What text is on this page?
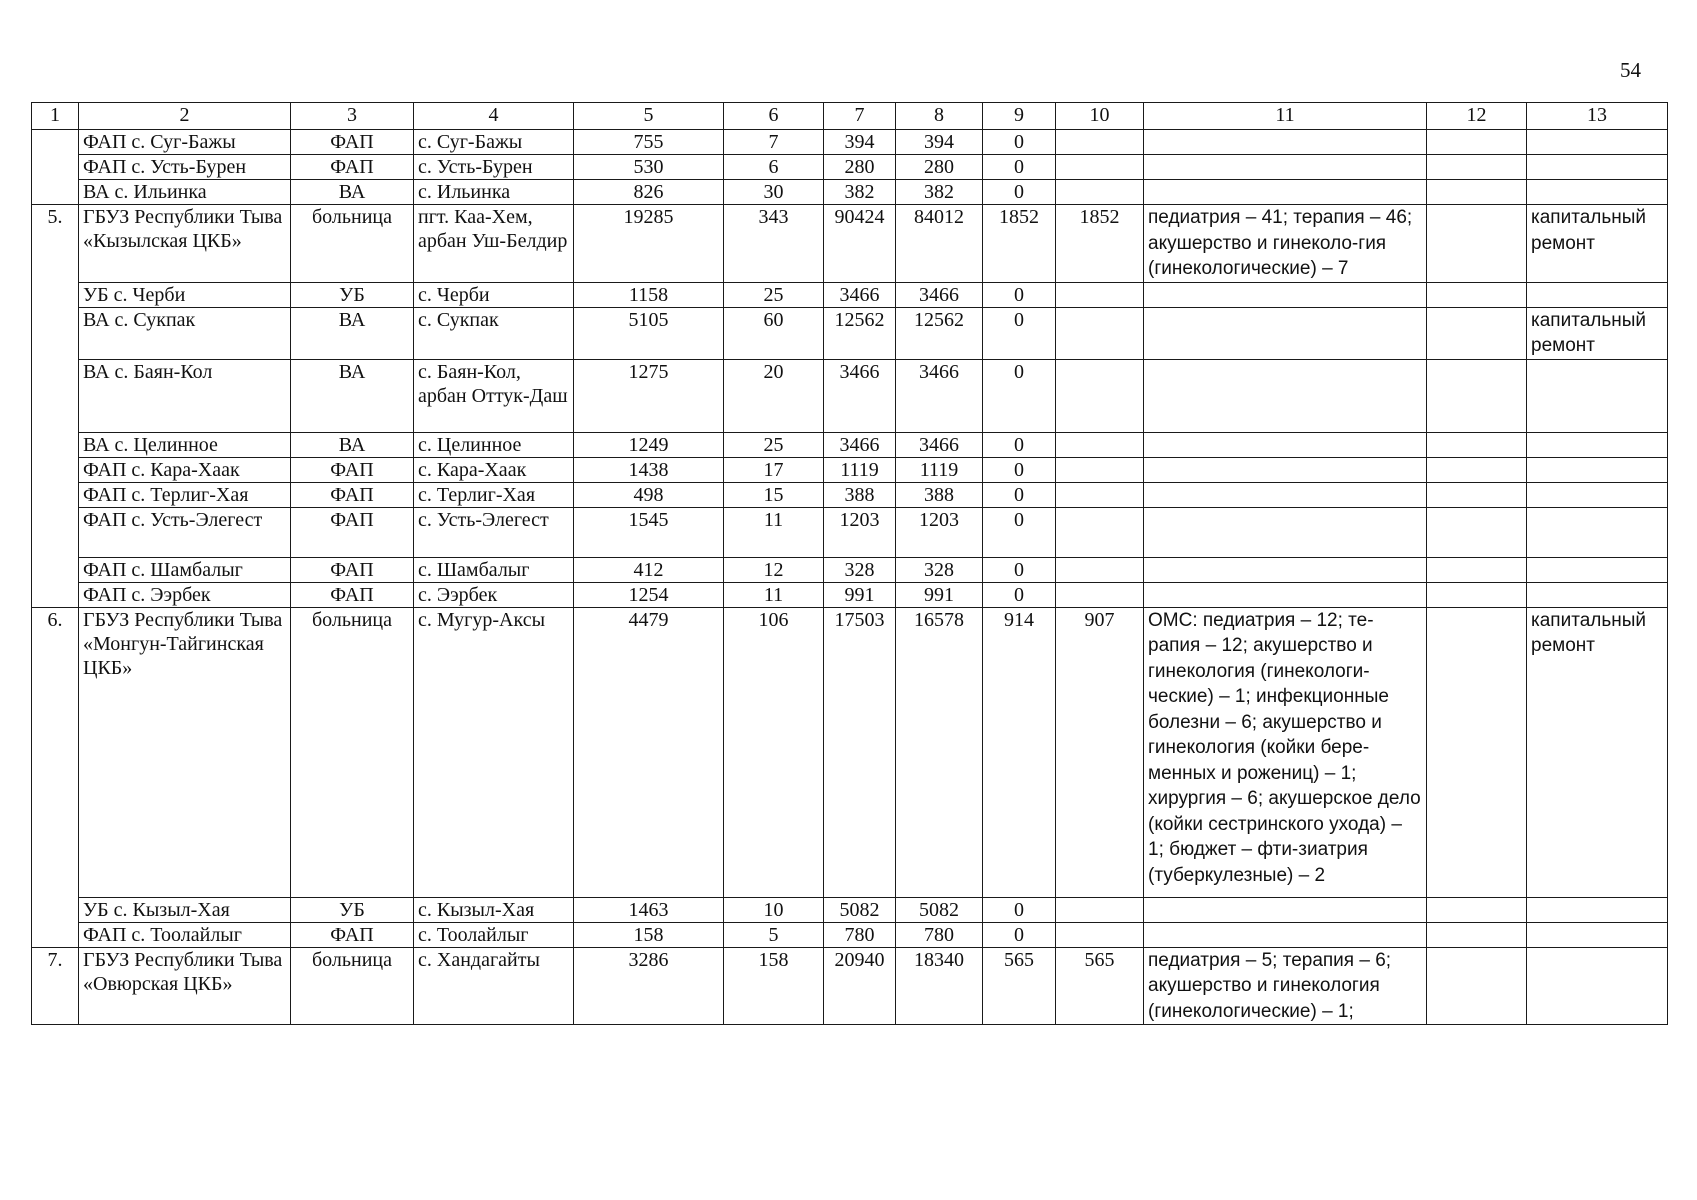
54
1	2	3	4	5	6	7	8	9	10	11	12	13
	ФАП с. Суг-Бажы	ФАП	с. Суг-Бажы	755	7	394	394	0				
	ФАП с. Усть-Бурен	ФАП	с. Усть-Бурен	530	6	280	280	0				
	ВА с. Ильинка	ВА	с. Ильинка	826	30	382	382	0				
5.	ГБУЗ Республики Тыва «Кызылская ЦКБ»	больница	пгт. Каа-Хем, арбан Уш-Белдир	19285	343	90424	84012	1852	1852	педиатрия – 41; терапия – 46; акушерство и гинеколо-гия (гинекологические) – 7		капитальный ремонт
	УБ с. Черби	УБ	с. Черби	1158	25	3466	3466	0				
	ВА с. Сукпак	ВА	с. Сукпак	5105	60	12562	12562	0				капитальный ремонт
	ВА с. Баян-Кол	ВА	с. Баян-Кол, арбан Оттук-Даш	1275	20	3466	3466	0				
	ВА с. Целинное	ВА	с. Целинное	1249	25	3466	3466	0				
	ФАП с. Кара-Хаак	ФАП	с. Кара-Хаак	1438	17	1119	1119	0				
	ФАП с. Терлиг-Хая	ФАП	с. Терлиг-Хая	498	15	388	388	0				
	ФАП с. Усть-Элегест	ФАП	с. Усть-Элегест	1545	11	1203	1203	0				
	ФАП с. Шамбалыг	ФАП	с. Шамбалыг	412	12	328	328	0				
	ФАП с. Ээрбек	ФАП	с. Ээрбек	1254	11	991	991	0				
6.	ГБУЗ Республики Тыва «Монгун-Тайгинская ЦКБ»	больница	с. Мугур-Аксы	4479	106	17503	16578	914	907	ОМС: педиатрия – 12; те-рапия – 12; акушерство и гинекология (гинекологи-ческие) – 1; инфекционные болезни – 6; акушерство и гинекология (койки бере-менных и рожениц) – 1; хирургия – 6; акушерское дело (койки сестринского ухода) – 1; бюджет – фти-зиатрия (туберкулезные) – 2		капитальный ремонт
	УБ с. Кызыл-Хая	УБ	с. Кызыл-Хая	1463	10	5082	5082	0				
	ФАП с. Тоолайлыг	ФАП	с. Тоолайлыг	158	5	780	780	0				
7.	ГБУЗ Республики Тыва «Овюрская ЦКБ»	больница	с. Хандагайты	3286	158	20940	18340	565	565	педиатрия – 5; терапия – 6; акушерство и гинекология (гинекологические) – 1;		
